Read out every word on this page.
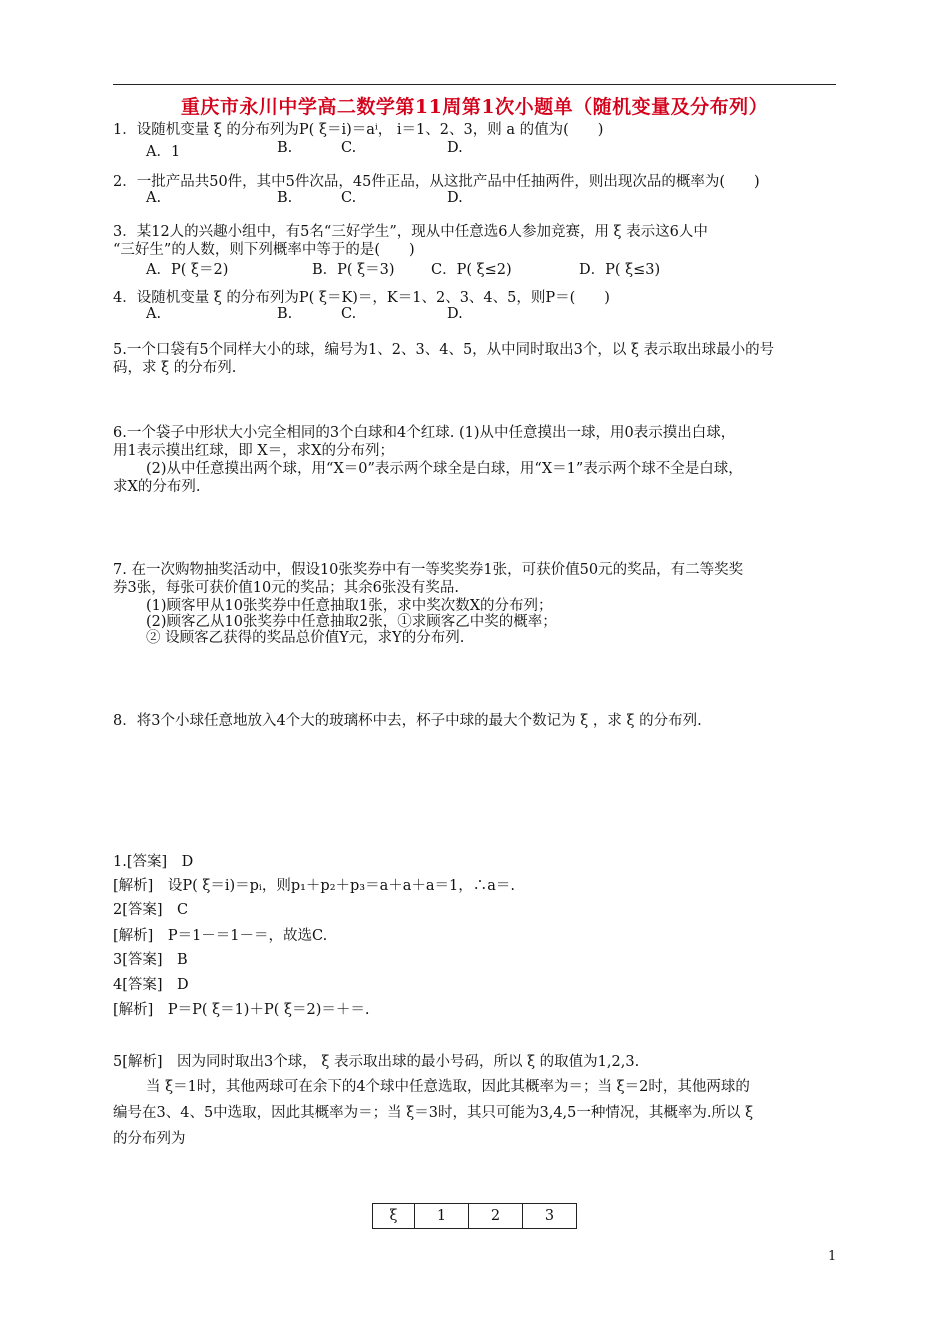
重庆市永川中学高二数学第11周第1次小题单（随机变量及分布列）
1．设随机变量 ξ 的分布列为P( ξ＝i)＝aⁱ， i＝1、2、3，则 a 的值为(　　)
A．1	B.	C.	D.
2．一批产品共50件，其中5件次品，45件正品，从这批产品中任抽两件，则出现次品的概率为(　　)
A.	B.	C.	D.
3．某12人的兴趣小组中，有5名“三好学生”，现从中任意选6人参加竞赛，用 ξ 表示这6人中
“三好生”的人数，则下列概率中等于的是(　　)
A．P( ξ＝2)	B．P( ξ＝3)	C．P( ξ≤2)	D．P( ξ≤3)
4．设随机变量 ξ 的分布列为P( ξ＝K)＝，K＝1、2、3、4、5，则P＝(　　)
A.	B.	C.	D.
5.一个口袋有5个同样大小的球，编号为1、2、3、4、5，从中同时取出3个，以 ξ 表示取出球最小的号
码，求 ξ 的分布列.
6.一个袋子中形状大小完全相同的3个白球和4个红球. (1)从中任意摸出一球，用0表示摸出白球，
用1表示摸出红球，即 X＝，求X的分布列；
(2)从中任意摸出两个球，用“X＝0”表示两个球全是白球，用“X＝1”表示两个球不全是白球，
求X的分布列.
7. 在一次购物抽奖活动中，假设10张奖券中有一等奖奖券1张，可获价值50元的奖品，有二等奖奖
券3张，每张可获价值10元的奖品；其余6张没有奖品.
(1)顾客甲从10张奖券中任意抽取1张，求中奖次数X的分布列；
(2)顾客乙从10张奖券中任意抽取2张，①求顾客乙中奖的概率；
② 设顾客乙获得的奖品总价值Y元，求Y的分布列.
8．将3个小球任意地放入4个大的玻璃杯中去，杯子中球的最大个数记为 ξ ，求 ξ 的分布列.
1.[答案]　D
[解析]　设P( ξ＝i)＝pᵢ，则p₁＋p₂＋p₃＝a＋a＋a＝1，∴a＝.
2[答案]　C
[解析]　P＝1－＝1－＝，故选C.
3[答案]　B
4[答案]　D
[解析]　P＝P( ξ＝1)＋P( ξ＝2)＝＋＝.
5[解析]　因为同时取出3个球， ξ 表示取出球的最小号码，所以 ξ 的取值为1,2,3.
当 ξ＝1时，其他两球可在余下的4个球中任意选取，因此其概率为＝；当 ξ＝2时，其他两球的
编号在3、4、5中选取，因此其概率为＝；当 ξ＝3时，其只可能为3,4,5一种情况，其概率为.所以 ξ
的分布列为
ξ	1	2	3
1
